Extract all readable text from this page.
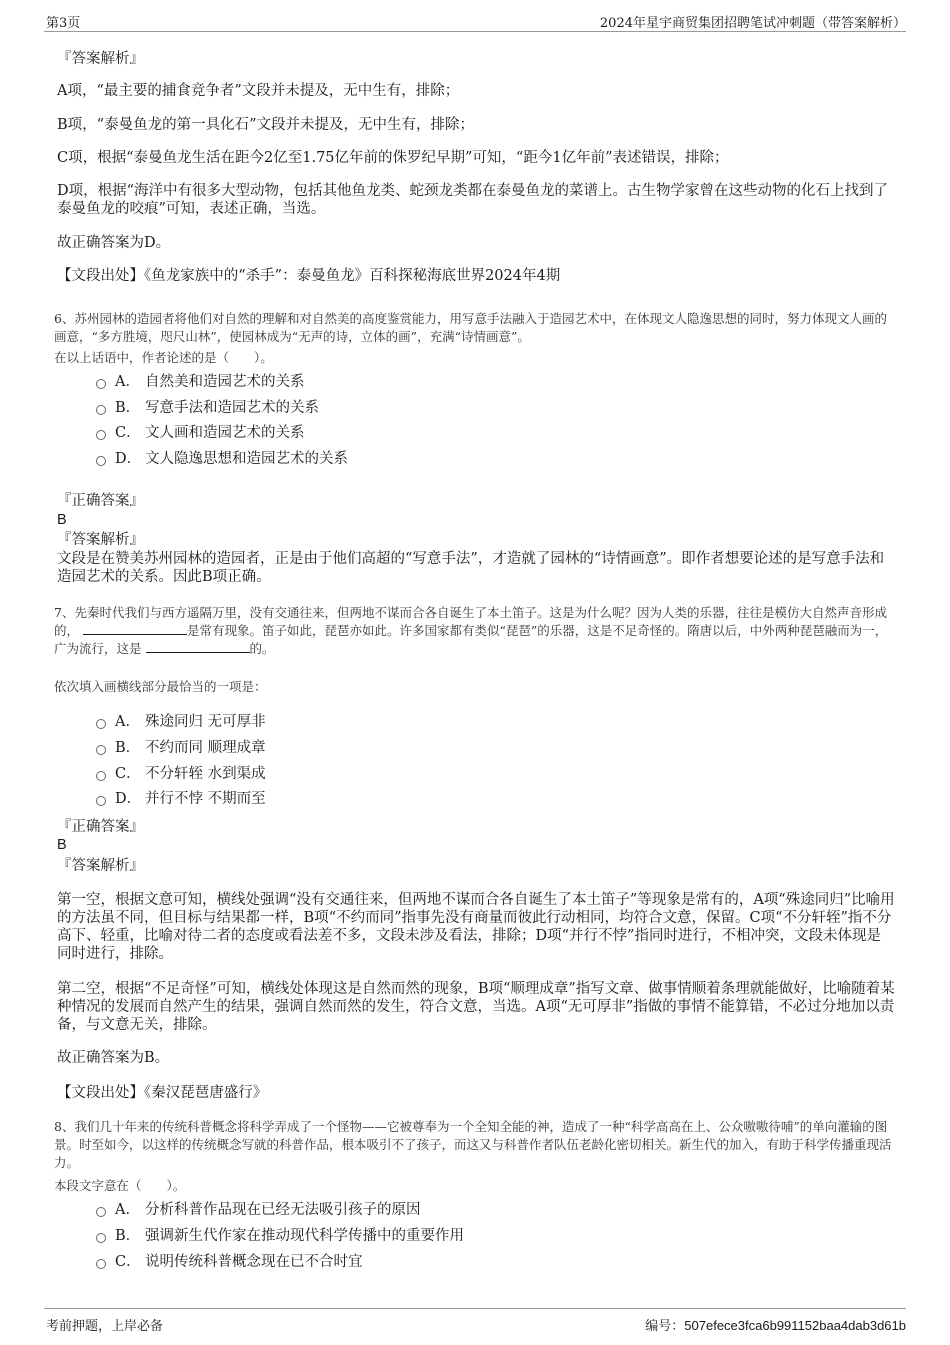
第3页	2024年星宇商贸集团招聘笔试冲刺题（带答案解析）
『答案解析』
A项，“最主要的捕食竞争者”文段并未提及，无中生有，排除；
B项，“泰曼鱼龙的第一具化石”文段并未提及，无中生有，排除；
C项，根据“泰曼鱼龙生活在距今2亿至1.75亿年前的侏罗纪早期”可知，“距今1亿年前”表述错误，排除；
D项，根据“海洋中有很多大型动物，包括其他鱼龙类、蛇颈龙类都在泰曼鱼龙的菜谱上。古生物学家曾在这些动物的化石上找到了泰曼鱼龙的咬痕”可知，表述正确，当选。
故正确答案为D。
【文段出处】《鱼龙家族中的“杀手”：泰曼鱼龙》百科探秘海底世界2024年4期
6、苏州园林的造园者将他们对自然的理解和对自然美的高度鉴赏能力，用写意手法融入于造园艺术中，在体现文人隐逸思想的同时，努力体现文人画的画意，“多方胜境，咫尺山林”，使园林成为“无声的诗，立体的画”，充满“诗情画意”。
在以上话语中，作者论述的是（　　）。
A． 自然美和造园艺术的关系
B． 写意手法和造园艺术的关系
C． 文人画和造园艺术的关系
D． 文人隐逸思想和造园艺术的关系
『正确答案』
B
『答案解析』
文段是在赞美苏州园林的造园者，正是由于他们高超的“写意手法”，才造就了园林的“诗情画意”。即作者想要论述的是写意手法和造园艺术的关系。因此B项正确。
7、先秦时代我们与西方遥隔万里，没有交通往来，但两地不谋而合各自诞生了本土笛子。这是为什么呢？因为人类的乐器，往往是模仿大自然声音形成的，	是常有现象。笛子如此，琵琶亦如此。许多国家都有类似“琵琶”的乐器，这是不足奇怪的。隋唐以后，中外两种琵琶融而为一，广为流行，这是	的。
依次填入画横线部分最恰当的一项是：
A． 殊途同归 无可厚非
B． 不约而同 顺理成章
C． 不分轩轾 水到渠成
D． 并行不悖 不期而至
『正确答案』
B
『答案解析』
第一空，根据文意可知，横线处强调“没有交通往来，但两地不谋而合各自诞生了本土笛子”等现象是常有的，A项“殊途同归”比喻用的方法虽不同，但目标与结果都一样，B项“不约而同”指事先没有商量而彼此行动相同，均符合文意，保留。C项“不分轩轾”指不分高下、轻重，比喻对待二者的态度或看法差不多，文段未涉及看法，排除；D项“并行不悖”指同时进行，不相冲突，文段未体现是同时进行，排除。
第二空，根据“不足奇怪”可知，横线处体现这是自然而然的现象，B项“顺理成章”指写文章、做事情顺着条理就能做好，比喻随着某种情况的发展而自然产生的结果，强调自然而然的发生，符合文意，当选。A项“无可厚非”指做的事情不能算错，不必过分地加以责备，与文意无关，排除。
故正确答案为B。
【文段出处】《秦汉琵琶唐盛行》
8、我们几十年来的传统科普概念将科学弄成了一个怪物——它被尊奉为一个全知全能的神，造成了一种“科学高高在上、公众嗷嗷待哺”的单向灌输的图景。时至如今，以这样的传统概念写就的科普作品，根本吸引不了孩子，而这又与科普作者队伍老龄化密切相关。新生代的加入，有助于科学传播重现活力。
本段文字意在（　　）。
A． 分析科普作品现在已经无法吸引孩子的原因
B． 强调新生代作家在推动现代科学传播中的重要作用
C． 说明传统科普概念现在已不合时宜
考前押题，上岸必备	编号：507efece3fca6b991152baa4dab3d61b
